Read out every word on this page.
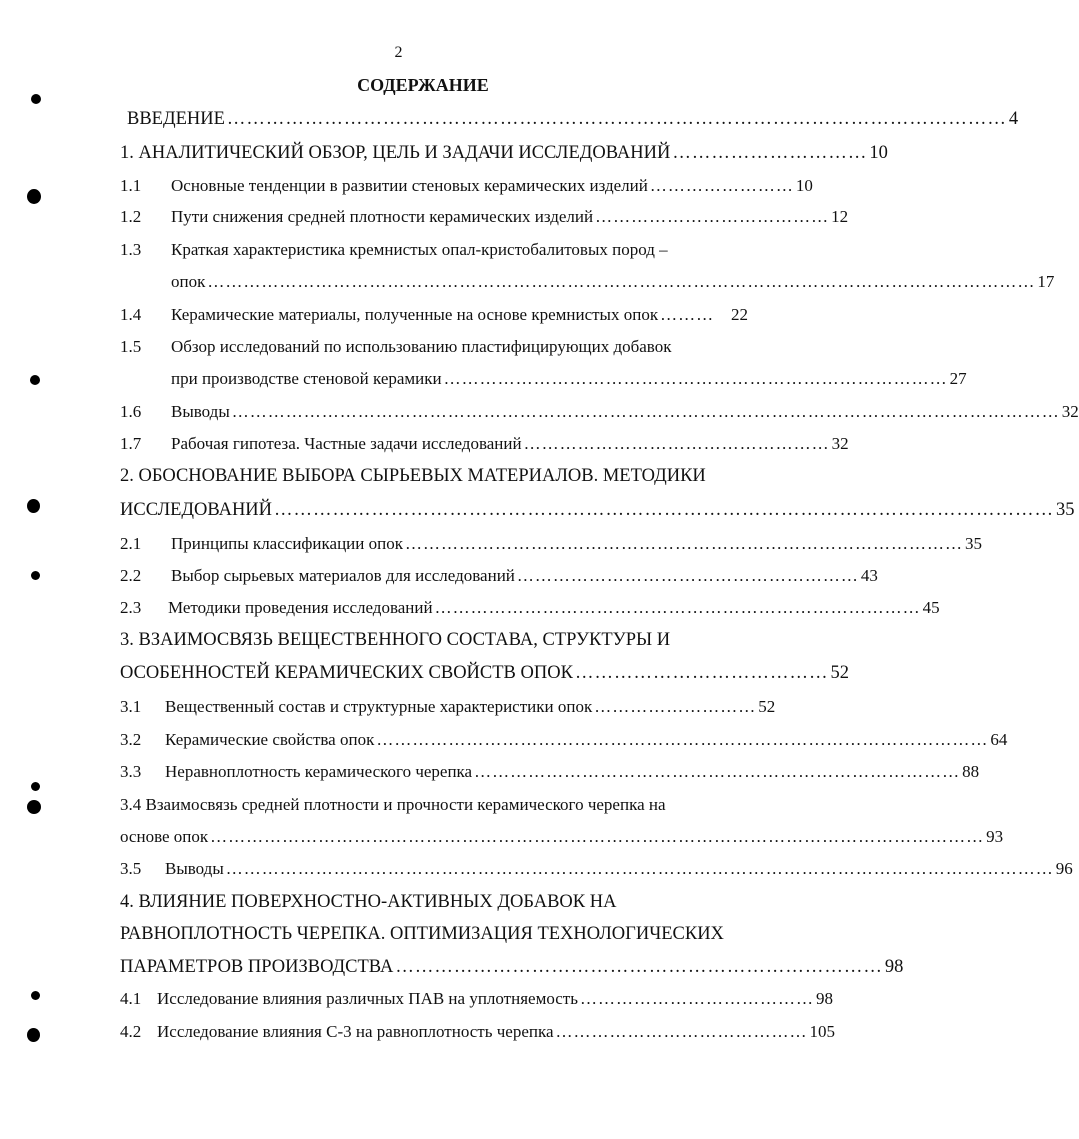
2
СОДЕРЖАНИЕ
ВВЕДЕНИЕ ………………………………………………………………………………………………………… 4
1. АНАЛИТИЧЕСКИЙ ОБЗОР, ЦЕЛЬ И ЗАДАЧИ ИССЛЕДОВАНИЙ ………………………… 10
1.1 Основные тенденции в развитии стеновых керамических изделий …………………… 10
1.2 Пути снижения средней плотности керамических изделий ………………………………… 12
1.3 Краткая характеристика кремнистых опал-кристобалитовых пород –
опок ………………………………………………………………………………………………………………………… 17
1.4 Керамические материалы, полученные на основе кремнистых опок ……… 22
1.5 Обзор исследований по использованию пластифицирующих добавок
при производстве стеновой керамики ………………………………………………………………………… 27
1.6 Выводы ………………………………………………………………………………………………………………………… 32
1.7 Рабочая гипотеза. Частные задачи исследований …………………………………………… 32
2. ОБОСНОВАНИЕ ВЫБОРА СЫРЬЕВЫХ МАТЕРИАЛОВ. МЕТОДИКИ
ИССЛЕДОВАНИЙ ………………………………………………………………………………………………………… 35
2.1 Принципы классификации опок ………………………………………………………………………………… 35
2.2 Выбор сырьевых материалов для исследований ………………………………………………… 43
2.3 Методики проведения исследований ……………………………………………………………………… 45
3. ВЗАИМОСВЯЗЬ ВЕЩЕСТВЕННОГО СОСТАВА, СТРУКТУРЫ И
ОСОБЕННОСТЕЙ КЕРАМИЧЕСКИХ СВОЙСТВ ОПОК ………………………………… 52
3.1 Вещественный состав и структурные характеристики опок ……………………… 52
3.2 Керамические свойства опок ………………………………………………………………………………………… 64
3.3 Неравноплотность керамического черепка ……………………………………………………………………… 88
3.4 Взаимосвязь средней плотности и прочности керамического черепка на
основе опок ………………………………………………………………………………………………………………… 93
3.5 Выводы ………………………………………………………………………………………………………………………… 96
4. ВЛИЯНИЕ ПОВЕРХНОСТНО-АКТИВНЫХ ДОБАВОК НА
РАВНОПЛОТНОСТЬ ЧЕРЕПКА. ОПТИМИЗАЦИЯ ТЕХНОЛОГИЧЕСКИХ
ПАРАМЕТРОВ ПРОИЗВОДСТВА ………………………………………………………………… 98
4.1 Исследование влияния различных ПАВ на уплотняемость ………………………………… 98
4.2 Исследование влияния С-3 на равноплотность черепка …………………………………… 105
